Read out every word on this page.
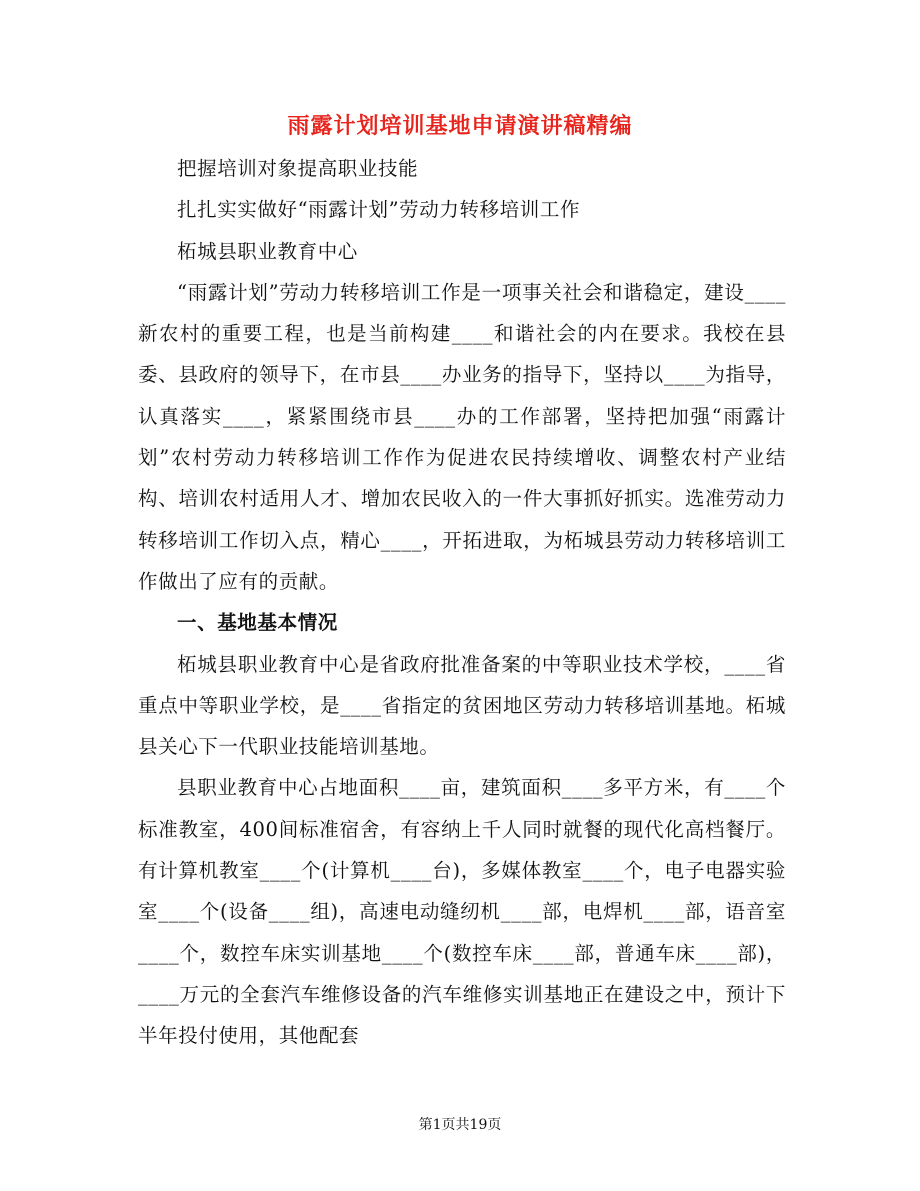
雨露计划培训基地申请演讲稿精编

把握培训对象提高职业技能

扎扎实实做好“雨露计划”劳动力转移培训工作

柘城县职业教育中心

“雨露计划”劳动力转移培训工作是一项事关社会和谐稳定，建设____新农村的重要工程，也是当前构建____和谐社会的内在要求。我校在县委、县政府的领导下，在市县____办业务的指导下，坚持以____为指导，认真落实____，紧紧围绕市县____办的工作部署，坚持把加强“雨露计划”农村劳动力转移培训工作作为促进农民持续增收、调整农村产业结构、培训农村适用人才、增加农民收入的一件大事抓好抓实。选准劳动力转移培训工作切入点，精心____，开拓进取，为柘城县劳动力转移培训工作做出了应有的贡献。

一、基地基本情况

柘城县职业教育中心是省政府批准备案的中等职业技术学校，____省重点中等职业学校，是____省指定的贫困地区劳动力转移培训基地。柘城县关心下一代职业技能培训基地。

县职业教育中心占地面积____亩，建筑面积____多平方米，有____个标准教室，400间标准宿舍，有容纳上千人同时就餐的现代化高档餐厅。有计算机教室____个(计算机____台)，多媒体教室____个，电子电器实验室____个(设备____组)，高速电动缝纫机____部，电焊机____部，语音室____个，数控车床实训基地____个(数控车床____部，普通车床____部)，____万元的全套汽车维修设备的汽车维修实训基地正在建设之中，预计下半年投付使用，其他配套

第1页共19页
